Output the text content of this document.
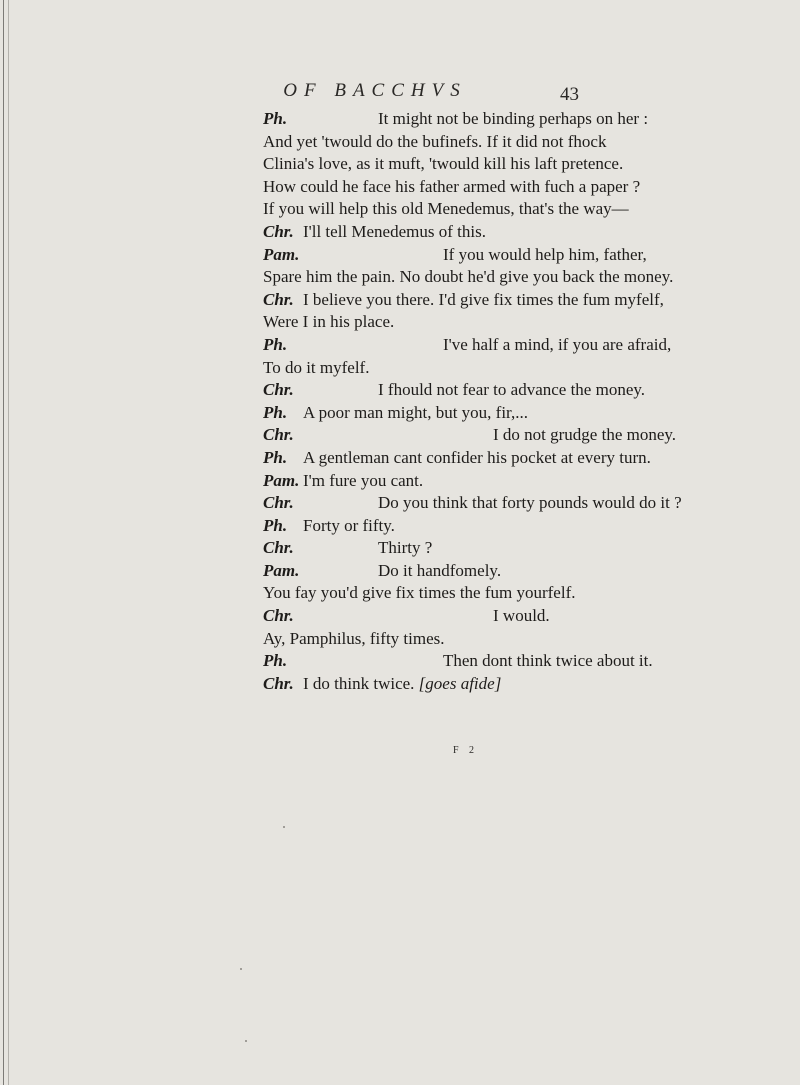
OF BACCHVS	43
Ph.	It might not be binding perhaps on her :
And yet 'twould do the bufinefs. If it did not fhock
Clinia's love, as it muft, 'twould kill his laft pretence.
How could he face his father armed with fuch a paper ?
If you will help this old Menedemus, that's the way—
Chr. I'll tell Menedemus of this.
Pam.	If you would help him, father,
Spare him the pain. No doubt he'd give you back the money.
Chr. I believe you there. I'd give fix times the fum myfelf,
Were I in his place.
Ph.	I've half a mind, if you are afraid,
To do it myfelf.
Chr.	I fhould not fear to advance the money.
Ph. A poor man might, but you, fir,...
Chr.	I do not grudge the money.
Ph. A gentleman cant confider his pocket at every turn.
Pam. I'm fure you cant.
Chr.	Do you think that forty pounds would do it ?
Ph. Forty or fifty.
Chr.	Thirty ?
Pam.	Do it handfomely.
You fay you'd give fix times the fum yourfelf.
Chr.	I would.
Ay, Pamphilus, fifty times.
Ph.	Then dont think twice about it.
Chr. I do think twice. [goes afide]
F 2
